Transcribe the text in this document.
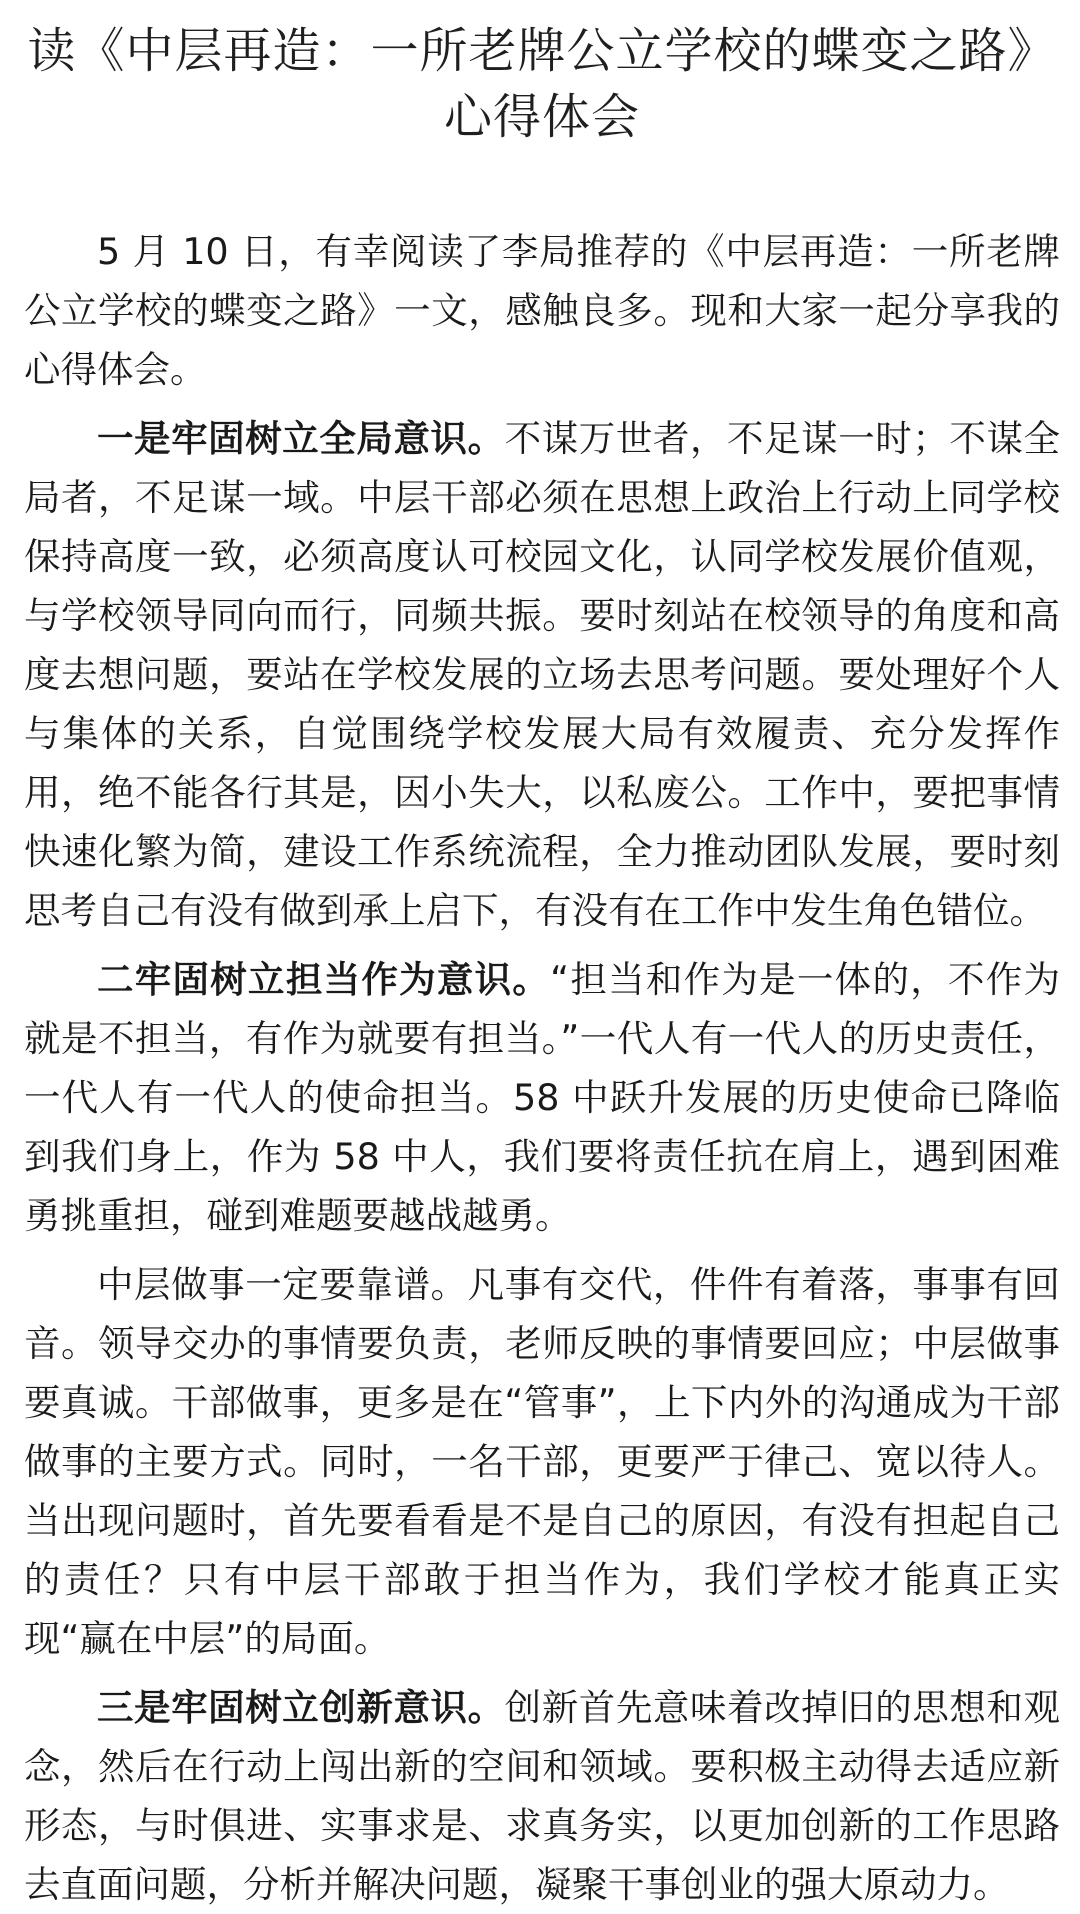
读《中层再造：一所老牌公立学校的蝶变之路》
心得体会

5 月 10 日，有幸阅读了李局推荐的《中层再造：一所老牌公立学校的蝶变之路》一文，感触良多。现和大家一起分享我的心得体会。

一是牢固树立全局意识。不谋万世者，不足谋一时；不谋全局者，不足谋一域。中层干部必须在思想上政治上行动上同学校保持高度一致，必须高度认可校园文化，认同学校发展价值观，与学校领导同向而行，同频共振。要时刻站在校领导的角度和高度去想问题，要站在学校发展的立场去思考问题。要处理好个人与集体的关系，自觉围绕学校发展大局有效履责、充分发挥作用，绝不能各行其是，因小失大，以私废公。工作中，要把事情快速化繁为简，建设工作系统流程，全力推动团队发展，要时刻思考自己有没有做到承上启下，有没有在工作中发生角色错位。

二牢固树立担当作为意识。“担当和作为是一体的，不作为就是不担当，有作为就要有担当。”一代人有一代人的历史责任，一代人有一代人的使命担当。58 中跃升发展的历史使命已降临到我们身上，作为 58 中人，我们要将责任抗在肩上，遇到困难勇挑重担，碰到难题要越战越勇。

中层做事一定要靠谱。凡事有交代，件件有着落，事事有回音。领导交办的事情要负责，老师反映的事情要回应；中层做事要真诚。干部做事，更多是在“管事”，上下内外的沟通成为干部做事的主要方式。同时，一名干部，更要严于律己、宽以待人。当出现问题时，首先要看看是不是自己的原因，有没有担起自己的责任？只有中层干部敢于担当作为，我们学校才能真正实现“赢在中层”的局面。

三是牢固树立创新意识。创新首先意味着改掉旧的思想和观念，然后在行动上闯出新的空间和领域。要积极主动得去适应新形态，与时俱进、实事求是、求真务实，以更加创新的工作思路去直面问题，分析并解决问题，凝聚干事创业的强大原动力。
